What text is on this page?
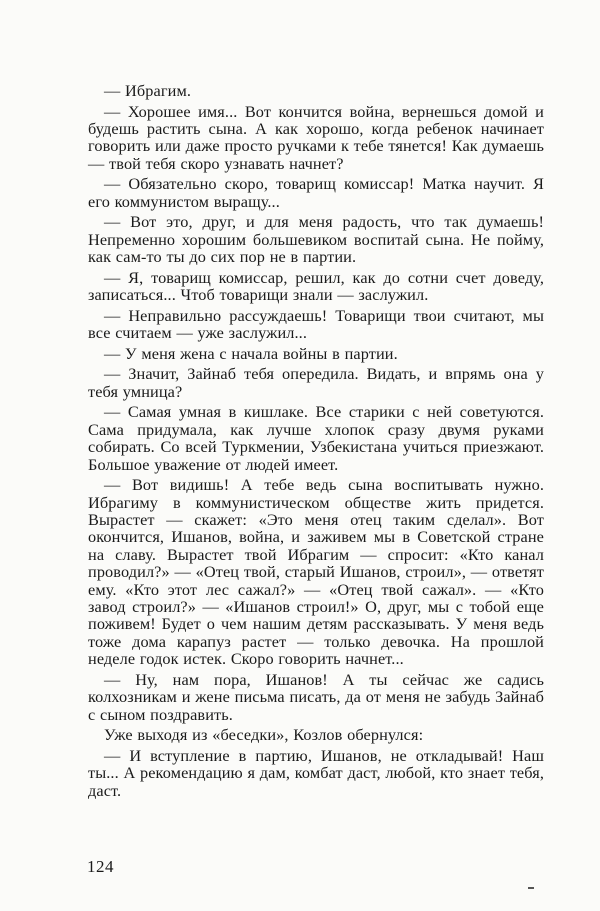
— Ибрагим.

— Хорошее имя... Вот кончится война, вернешься домой и будешь растить сына. А как хорошо, когда ребенок начинает говорить или даже просто ручками к тебе тянется! Как думаешь — твой тебя скоро узнавать начнет?

— Обязательно скоро, товарищ комиссар! Матка научит. Я его коммунистом выращу...

— Вот это, друг, и для меня радость, что так думаешь! Непременно хорошим большевиком воспитай сына. Не пойму, как сам-то ты до сих пор не в партии.

— Я, товарищ комиссар, решил, как до сотни счет доведу, записаться... Чтоб товарищи знали — заслужил.

— Неправильно рассуждаешь! Товарищи твои считают, мы все считаем — уже заслужил...

— У меня жена с начала войны в партии.

— Значит, Зайнаб тебя опередила. Видать, и впрямь она у тебя умница?

— Самая умная в кишлаке. Все старики с ней советуются. Сама придумала, как лучше хлопок сразу двумя руками собирать. Со всей Туркмении, Узбекистана учиться приезжают. Большое уважение от людей имеет.

— Вот видишь! А тебе ведь сына воспитывать нужно. Ибрагиму в коммунистическом обществе жить придется. Вырастет — скажет: «Это меня отец таким сделал». Вот окончится, Ишанов, война, и заживем мы в Советской стране на славу. Вырастет твой Ибрагим — спросит: «Кто канал проводил?» — «Отец твой, старый Ишанов, строил», — ответят ему. «Кто этот лес сажал?» — «Отец твой сажал». — «Кто завод строил?» — «Ишанов строил!» О, друг, мы с тобой еще поживем! Будет о чем нашим детям рассказывать. У меня ведь тоже дома карапуз растет — только девочка. На прошлой неделе годок истек. Скоро говорить начнет...

— Ну, нам пора, Ишанов! А ты сейчас же садись колхозникам и жене письма писать, да от меня не забудь Зайнаб с сыном поздравить.

Уже выходя из «беседки», Козлов обернулся:

— И вступление в партию, Ишанов, не откладывай! Наш ты... А рекомендацию я дам, комбат даст, любой, кто знает тебя, даст.

124
